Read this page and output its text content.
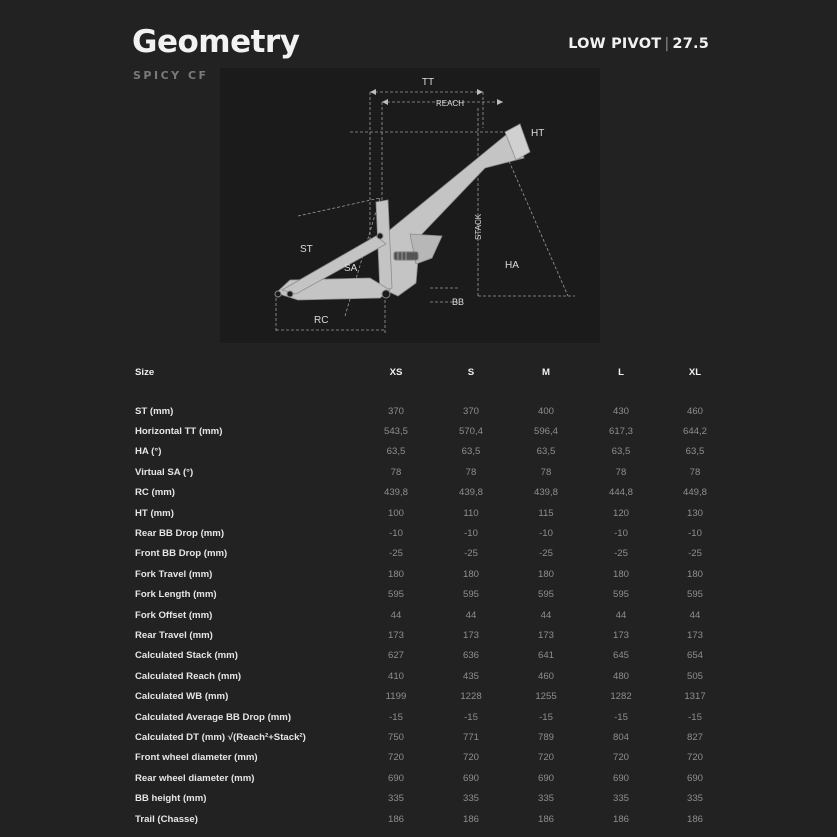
Geometry
SPICY CF
LOW PIVOT | 27.5
TT
REACH
HT
ST
SA
STACK
HA
BB
RC
Size	XS	S	M	L	XL

ST (mm)	370	370	400	430	460
Horizontal TT (mm)	543,5	570,4	596,4	617,3	644,2
HA (°)	63,5	63,5	63,5	63,5	63,5
Virtual SA (°)	78	78	78	78	78
RC (mm)	439,8	439,8	439,8	444,8	449,8
HT (mm)	100	110	115	120	130
Rear BB Drop (mm)	-10	-10	-10	-10	-10
Front BB Drop (mm)	-25	-25	-25	-25	-25
Fork Travel (mm)	180	180	180	180	180
Fork Length (mm)	595	595	595	595	595
Fork Offset (mm)	44	44	44	44	44
Rear Travel (mm)	173	173	173	173	173
Calculated Stack (mm)	627	636	641	645	654
Calculated Reach (mm)	410	435	460	480	505
Calculated WB (mm)	1199	1228	1255	1282	1317
Calculated Average BB Drop (mm)	-15	-15	-15	-15	-15
Calculated DT (mm) √(Reach²+Stack²)	750	771	789	804	827
Front wheel diameter (mm)	720	720	720	720	720
Rear wheel diameter (mm)	690	690	690	690	690
BB height (mm)	335	335	335	335	335
Trail (Chasse)	186	186	186	186	186
